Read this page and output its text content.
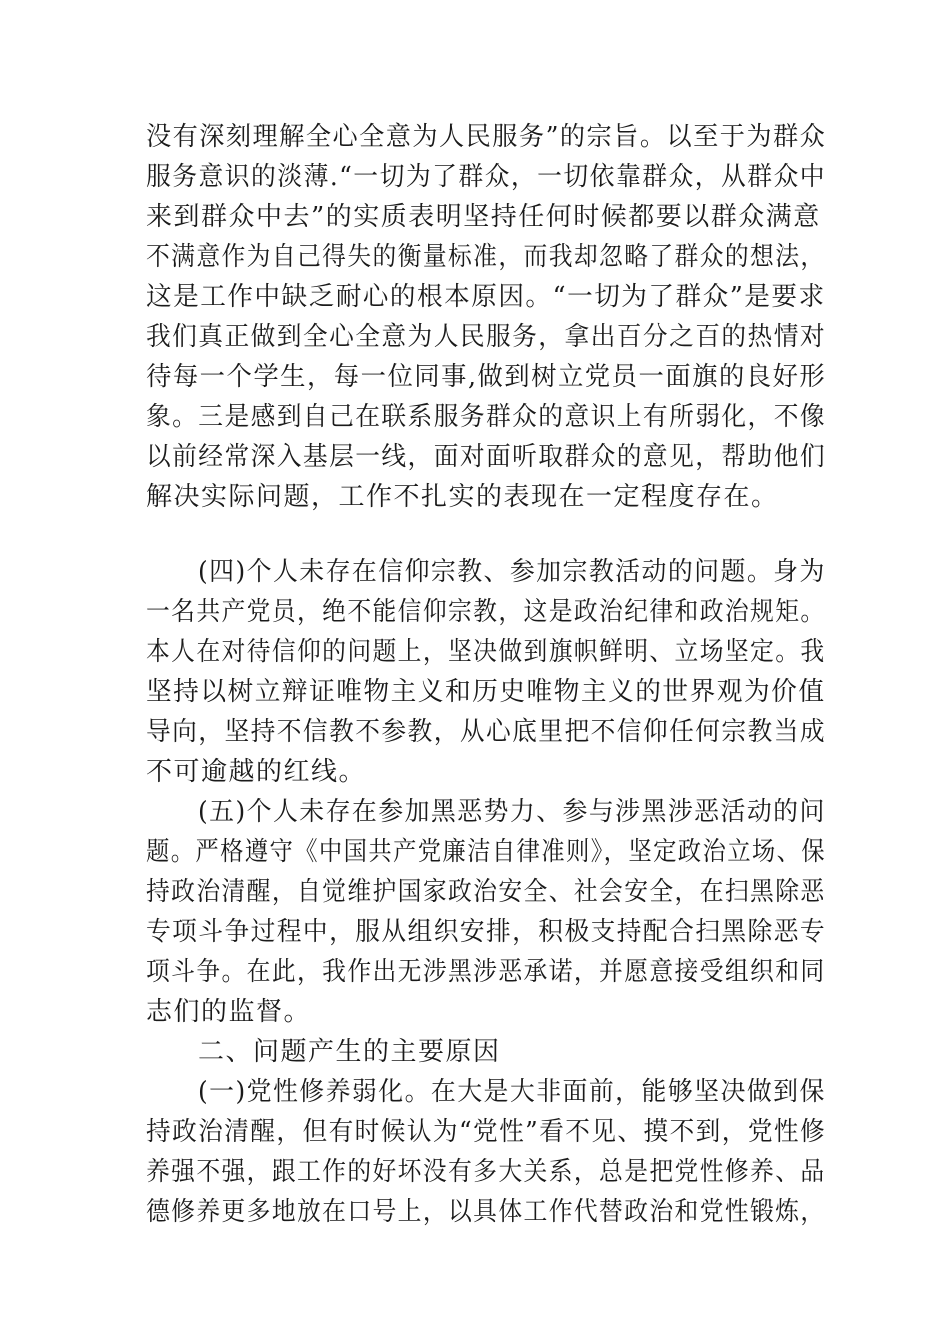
没有深刻理解全心全意为人民服务”的宗旨。以至于为群众
服务意识的淡薄.“一切为了群众，一切依靠群众，从群众中
来到群众中去”的实质表明坚持任何时候都要以群众满意
不满意作为自己得失的衡量标准，而我却忽略了群众的想法，
这是工作中缺乏耐心的根本原因。“一切为了群众”是要求
我们真正做到全心全意为人民服务，拿出百分之百的热情对
待每一个学生，每一位同事,做到树立党员一面旗的良好形
象。三是感到自己在联系服务群众的意识上有所弱化，不像
以前经常深入基层一线，面对面听取群众的意见，帮助他们
解决实际问题，工作不扎实的表现在一定程度存在。
(四)个人未存在信仰宗教、参加宗教活动的问题。身为
一名共产党员，绝不能信仰宗教，这是政治纪律和政治规矩。
本人在对待信仰的问题上，坚决做到旗帜鲜明、立场坚定。我
坚持以树立辩证唯物主义和历史唯物主义的世界观为价值
导向，坚持不信教不参教，从心底里把不信仰任何宗教当成
不可逾越的红线。
(五)个人未存在参加黑恶势力、参与涉黑涉恶活动的问
题。严格遵守《中国共产党廉洁自律准则》，坚定政治立场、保
持政治清醒，自觉维护国家政治安全、社会安全，在扫黑除恶
专项斗争过程中，服从组织安排，积极支持配合扫黑除恶专
项斗争。在此，我作出无涉黑涉恶承诺，并愿意接受组织和同
志们的监督。
二、问题产生的主要原因
(一)党性修养弱化。在大是大非面前，能够坚决做到保
持政治清醒，但有时候认为“党性”看不见、摸不到，党性修
养强不强，跟工作的好坏没有多大关系，总是把党性修养、品
德修养更多地放在口号上，以具体工作代替政治和党性锻炼，
